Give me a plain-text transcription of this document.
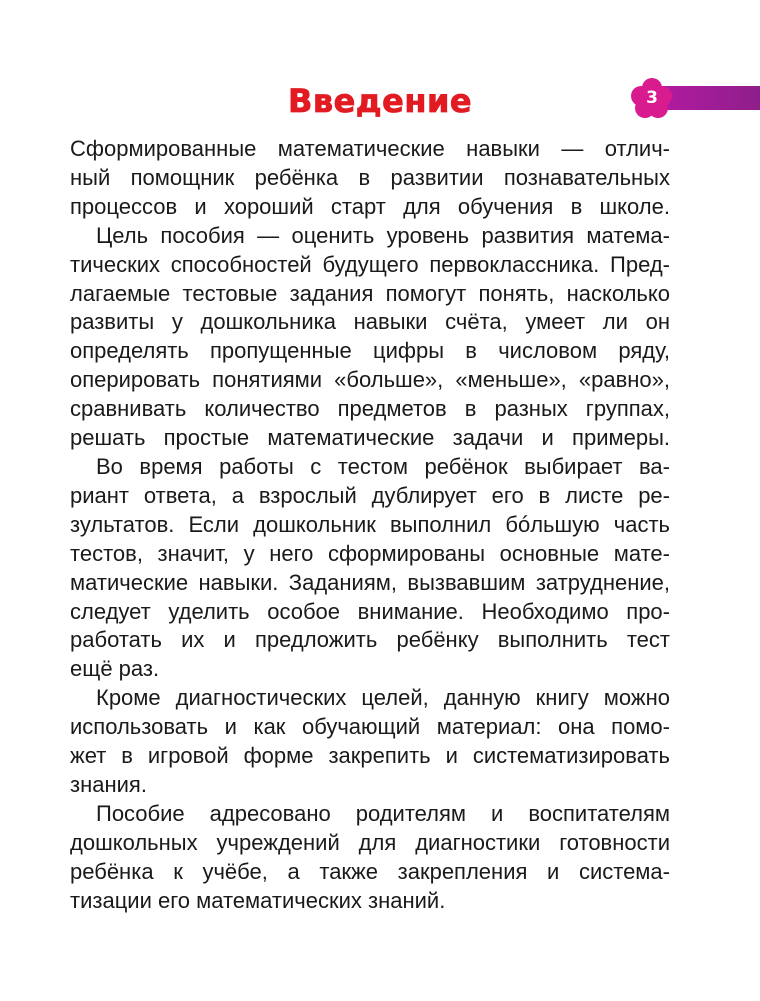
3
Введение
Сформированные математические навыки — отлич-
ный помощник ребёнка в развитии познавательных
процессов и хороший старт для обучения в школе.
Цель пособия — оценить уровень развития матема-
тических способностей будущего первоклассника. Пред-
лагаемые тестовые задания помогут понять, насколько
развиты у дошкольника навыки счёта, умеет ли он
определять пропущенные цифры в числовом ряду,
оперировать понятиями «больше», «меньше», «равно»,
сравнивать количество предметов в разных группах,
решать простые математические задачи и примеры.
Во время работы с тестом ребёнок выбирает ва-
риант ответа, а взрослый дублирует его в листе ре-
зультатов. Если дошкольник выполнил бóльшую часть
тестов, значит, у него сформированы основные мате-
матические навыки. Заданиям, вызвавшим затруднение,
следует уделить особое внимание. Необходимо про-
работать их и предложить ребёнку выполнить тест
ещё раз.
Кроме диагностических целей, данную книгу можно
использовать и как обучающий материал: она помо-
жет в игровой форме закрепить и систематизировать
знания.
Пособие адресовано родителям и воспитателям
дошкольных учреждений для диагностики готовности
ребёнка к учёбе, а также закрепления и система-
тизации его математических знаний.
